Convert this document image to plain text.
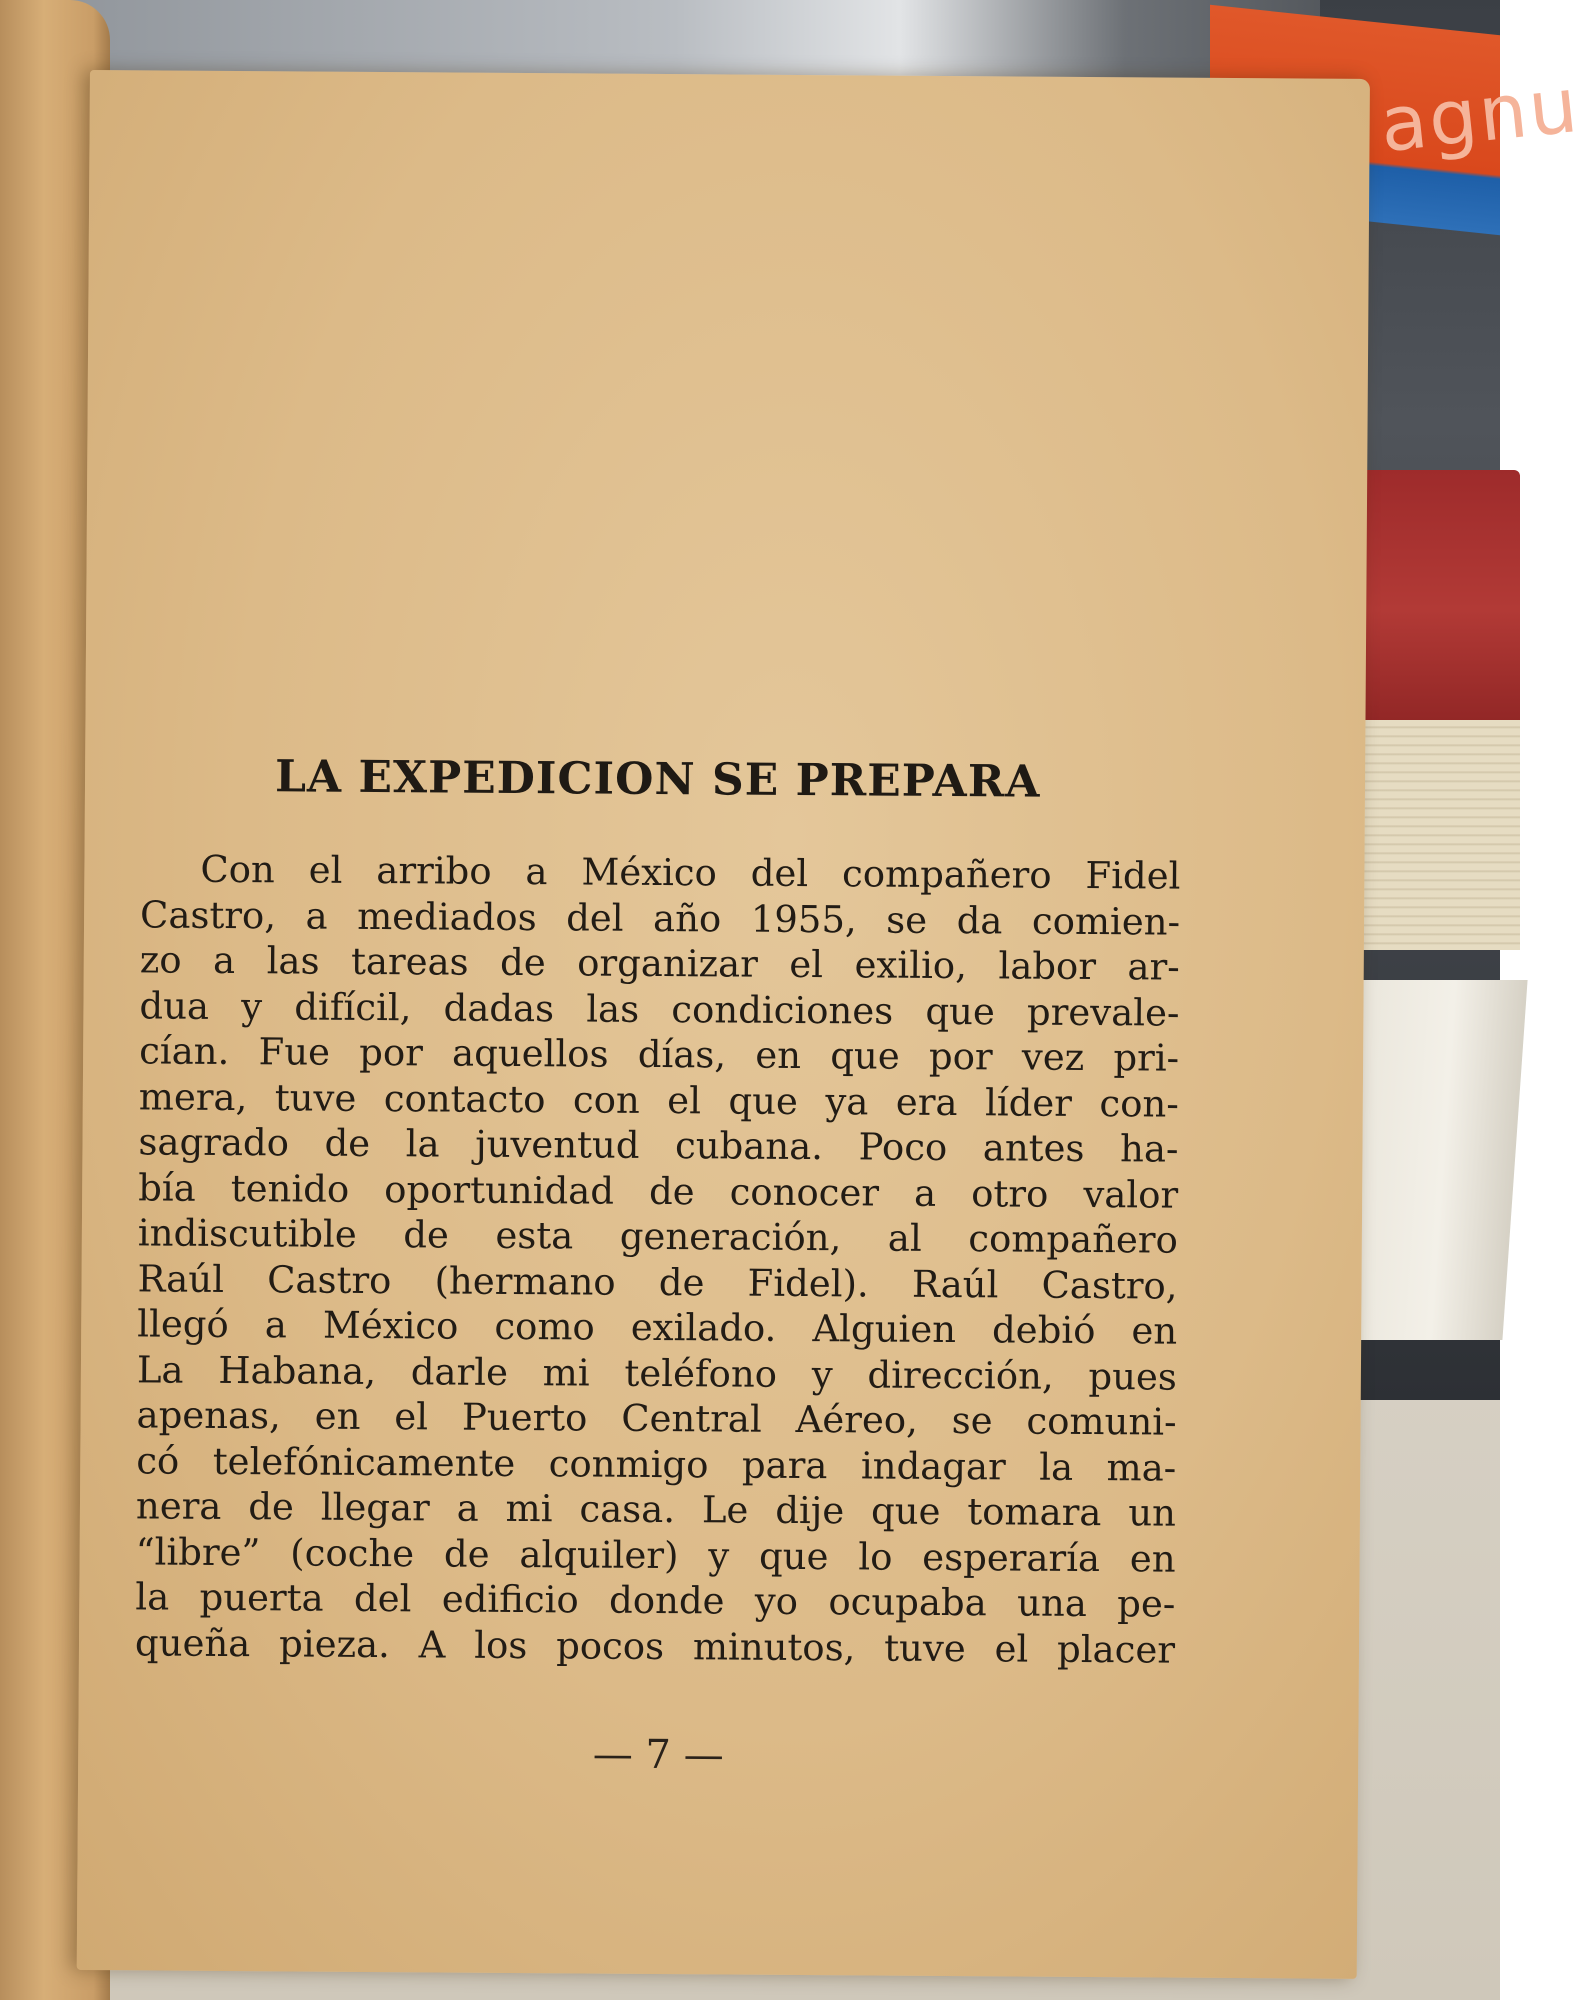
agnu
LA EXPEDICION SE PREPARA
Con el arribo a México del compañero Fidel
Castro, a mediados del año 1955, se da comien-
zo a las tareas de organizar el exilio, labor ar-
dua y difícil, dadas las condiciones que prevale-
cían. Fue por aquellos días, en que por vez pri-
mera, tuve contacto con el que ya era líder con-
sagrado de la juventud cubana. Poco antes ha-
bía tenido oportunidad de conocer a otro valor
indiscutible de esta generación, al compañero
Raúl Castro (hermano de Fidel). Raúl Castro,
llegó a México como exilado. Alguien debió en
La Habana, darle mi teléfono y dirección, pues
apenas, en el Puerto Central Aéreo, se comuni-
có telefónicamente conmigo para indagar la ma-
nera de llegar a mi casa. Le dije que tomara un
“libre” (coche de alquiler) y que lo esperaría en
la puerta del edificio donde yo ocupaba una pe-
queña pieza. A los pocos minutos, tuve el placer

— 7 —
